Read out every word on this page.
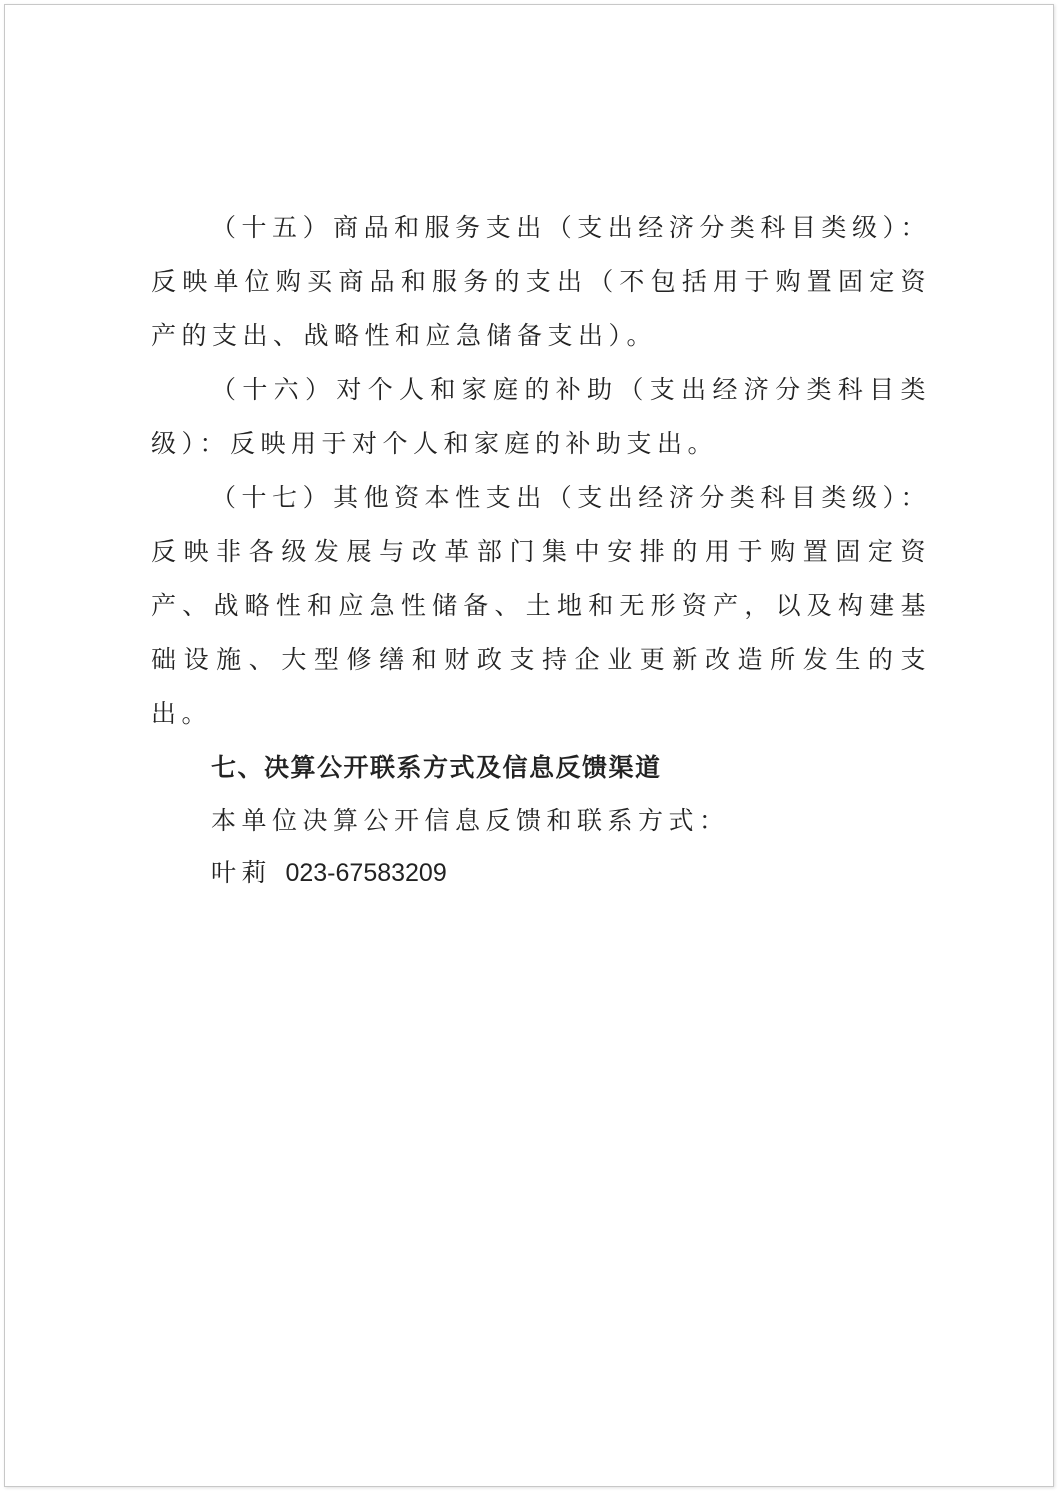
（十五）商品和服务支出（支出经济分类科目类级）：反映单位购买商品和服务的支出（不包括用于购置固定资产的支出、战略性和应急储备支出）。

（十六）对个人和家庭的补助（支出经济分类科目类级）：反映用于对个人和家庭的补助支出。

（十七）其他资本性支出（支出经济分类科目类级）：反映非各级发展与改革部门集中安排的用于购置固定资产、战略性和应急性储备、土地和无形资产，以及构建基础设施、大型修缮和财政支持企业更新改造所发生的支出。

七、决算公开联系方式及信息反馈渠道

本单位决算公开信息反馈和联系方式：

叶莉 023-67583209
